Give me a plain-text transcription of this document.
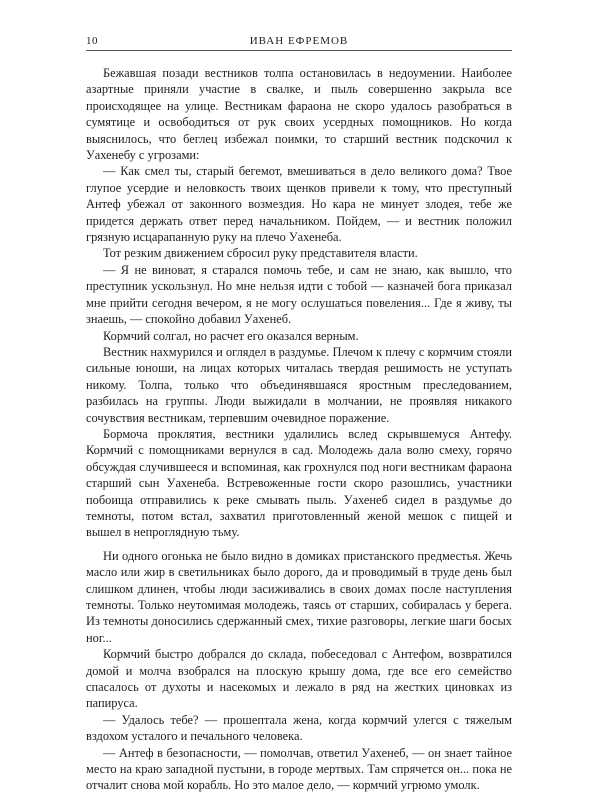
10	ИВАН ЕФРЕМОВ

Бежавшая позади вестников толпа остановилась в недоумении. Наиболее азартные приняли участие в свалке, и пыль совершенно закрыла все происходящее на улице. Вестникам фараона не скоро удалось разобраться в сумятице и освободиться от рук своих усердных помощников. Но когда выяснилось, что беглец избежал поимки, то старший вестник подскочил к Уахенебу с угрозами:

— Как смел ты, старый бегемот, вмешиваться в дело великого дома? Твое глупое усердие и неловкость твоих щенков привели к тому, что преступный Антеф убежал от законного возмездия. Но кара не минует злодея, тебе же придется держать ответ перед начальником. Пойдем, — и вестник положил грязную исцарапанную руку на плечо Уахенеба.

Тот резким движением сбросил руку представителя власти.

— Я не виноват, я старался помочь тебе, и сам не знаю, как вышло, что преступник ускользнул. Но мне нельзя идти с тобой — казначей бога приказал мне прийти сегодня вечером, я не могу ослушаться повеления... Где я живу, ты знаешь, — спокойно добавил Уахенеб.

Кормчий солгал, но расчет его оказался верным.

Вестник нахмурился и оглядел в раздумье. Плечом к плечу с кормчим стояли сильные юноши, на лицах которых читалась твердая решимость не уступать никому. Толпа, только что объединявшаяся яростным преследованием, разбилась на группы. Люди выжидали в молчании, не проявляя никакого сочувствия вестникам, терпевшим очевидное поражение.

Бормоча проклятия, вестники удалились вслед скрывшемуся Антефу. Кормчий с помощниками вернулся в сад. Молодежь дала волю смеху, горячо обсуждая случившееся и вспоминая, как грохнулся под ноги вестникам фараона старший сын Уахенеба. Встревоженные гости скоро разошлись, участники побоища отправились к реке смывать пыль. Уахенеб сидел в раздумье до темноты, потом встал, захватил приготовленный женой мешок с пищей и вышел в непроглядную тьму.

Ни одного огонька не было видно в домиках пристанского предместья. Жечь масло или жир в светильниках было дорого, да и проводимый в труде день был слишком длинен, чтобы люди засиживались в своих домах после наступления темноты. Только неутомимая молодежь, таясь от старших, собиралась у берега. Из темноты доносились сдержанный смех, тихие разговоры, легкие шаги босых ног...

Кормчий быстро добрался до склада, побеседовал с Антефом, возвратился домой и молча взобрался на плоскую крышу дома, где все его семейство спасалось от духоты и насекомых и лежало в ряд на жестких циновках из папируса.

— Удалось тебе? — прошептала жена, когда кормчий улегся с тяжелым вздохом усталого и печального человека.

— Антеф в безопасности, — помолчав, ответил Уахенеб, — он знает тайное место на краю западной пустыни, в городе мертвых. Там спрячется он... пока не отчалит снова мой корабль. Но это малое дело, — кормчий угрюмо умолк.
